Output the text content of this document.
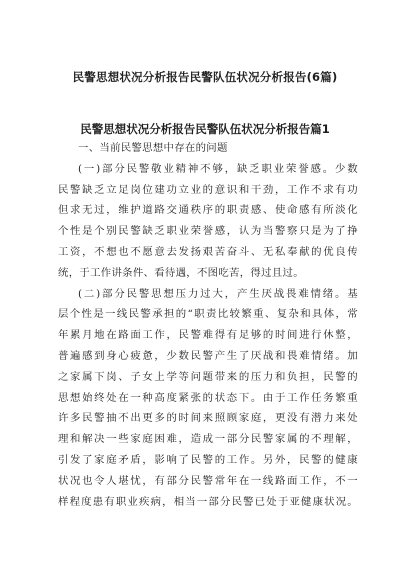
民警思想状况分析报告民警队伍状况分析报告(6篇)
民警思想状况分析报告民警队伍状况分析报告篇1
一、当前民警思想中存在的问题
(一)部分民警敬业精神不够，缺乏职业荣誉感。少数
民警缺乏立足岗位建功立业的意识和干劲，工作不求有功
但求无过，维护道路交通秩序的职责感、使命感有所淡化
个性是个别民警缺乏职业荣誉感，认为当警察只是为了挣
工资，不想也不愿意去发扬艰苦奋斗、无私奉献的优良传
统，于工作讲条件、看待遇，不图吃苦，得过且过。
(二)部分民警思想压力过大，产生厌战畏难情绪。基
层个性是一线民警承担的“职责比较繁重、复杂和具体，常
年累月地在路面工作，民警难得有足够的时间进行休整，
普遍感到身心疲惫，少数民警产生了厌战和畏难情绪。加
之家属下岗、子女上学等问题带来的压力和负担，民警的
思想始终处在一种高度紧张的状态下。由于工作任务繁重
许多民警抽不出更多的时间来照顾家庭，更没有潜力来处
理和解决一些家庭困难，造成一部分民警家属的不理解，
引发了家庭矛盾，影响了民警的工作。另外，民警的健康
状况也令人堪忧，有部分民警常年在一线路面工作，不一
样程度患有职业疾病，相当一部分民警已处于亚健康状况。
